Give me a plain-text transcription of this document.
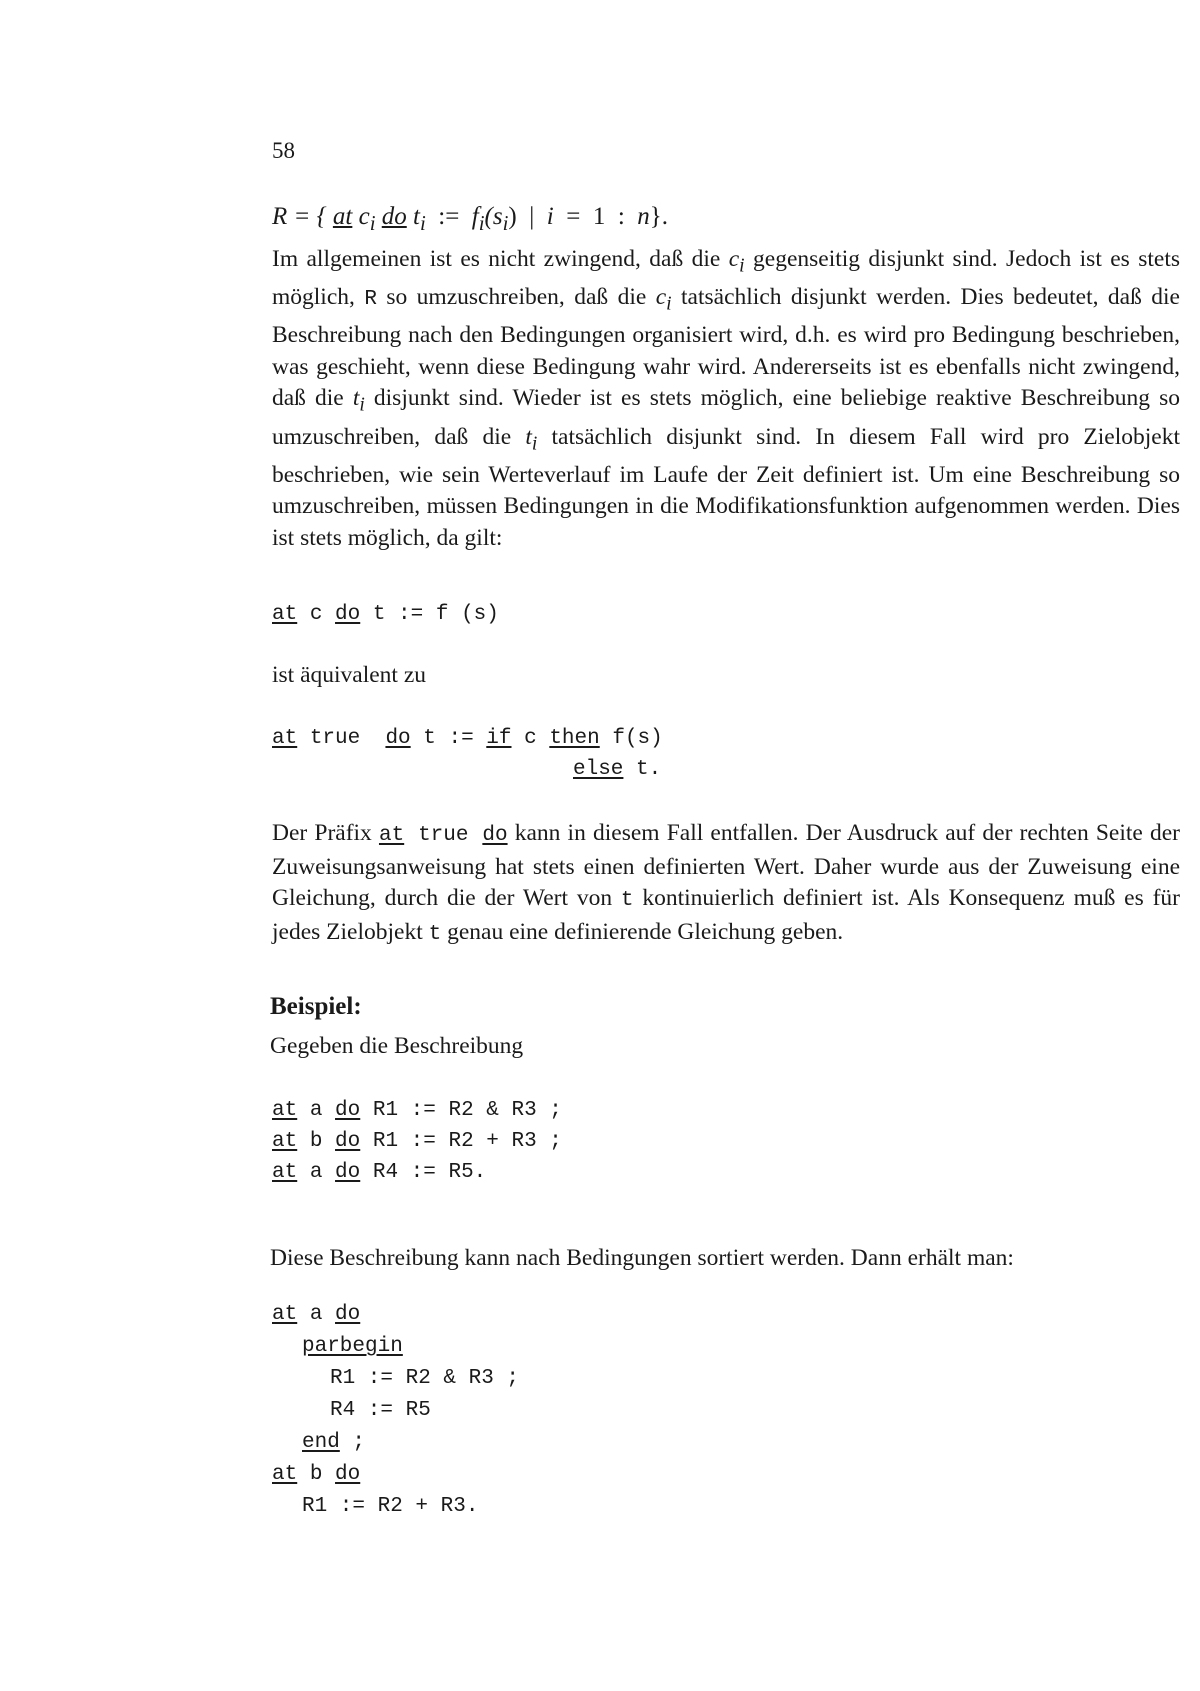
58
R = { at $c_i$ do $t_i$ := $f_i(s_i)$ | i = 1 : n}.
Im allgemeinen ist es nicht zwingend, daß die $c_i$ gegenseitig disjunkt sind. Jedoch ist es stets möglich, R so umzuschreiben, daß die $c_i$ tatsächlich disjunkt werden. Dies bedeutet, daß die Beschreibung nach den Bedingungen organisiert wird, d.h. es wird pro Bedingung beschrieben, was geschieht, wenn diese Bedingung wahr wird. Andererseits ist es ebenfalls nicht zwingend, daß die $t_i$ disjunkt sind. Wieder ist es stets möglich, eine beliebige reaktive Beschreibung so umzuschreiben, daß die $t_i$ tatsächlich disjunkt sind. In diesem Fall wird pro Zielobjekt beschrieben, wie sein Werteverlauf im Laufe der Zeit definiert ist. Um eine Beschreibung so umzuschreiben, müssen Bedingungen in die Modifikationsfunktion aufgenommen werden. Dies ist stets möglich, da gilt:
at c do t := f (s)
ist äquivalent zu
at true  do t := if c then f(s)
else t.
Der Präfix at true do kann in diesem Fall entfallen. Der Ausdruck auf der rechten Seite der Zuweisungsanweisung hat stets einen definierten Wert. Daher wurde aus der Zuweisung eine Gleichung, durch die der Wert von t kontinuierlich definiert ist. Als Konsequenz muß es für jedes Zielobjekt t genau eine definierende Gleichung geben.
Beispiel:
Gegeben die Beschreibung
at a do R1 := R2 & R3 ;
at b do R1 := R2 + R3 ;
at a do R4 := R5.
Diese Beschreibung kann nach Bedingungen sortiert werden. Dann erhält man:
at a do
parbegin
R1 := R2 & R3 ;
R4 := R5
end ;
at b do
R1 := R2 + R3.
